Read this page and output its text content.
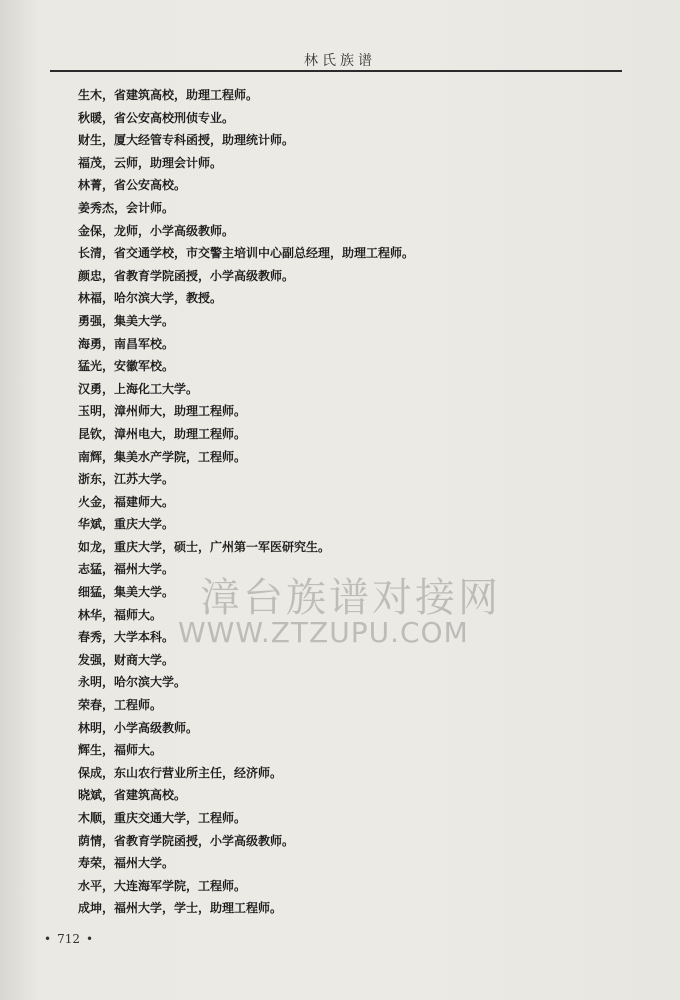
林氏族谱
生木，省建筑高校，助理工程师。
秋暖，省公安高校刑侦专业。
财生，厦大经管专科函授，助理统计师。
福茂，云师，助理会计师。
林菁，省公安高校。
姜秀杰，会计师。
金保，龙师，小学高级教师。
长清，省交通学校，市交警主培训中心副总经理，助理工程师。
颜忠，省教育学院函授，小学高级教师。
林福，哈尔滨大学，教授。
勇强，集美大学。
海勇，南昌军校。
猛光，安徽军校。
汉勇，上海化工大学。
玉明，漳州师大，助理工程师。
昆钦，漳州电大，助理工程师。
南辉，集美水产学院，工程师。
浙东，江苏大学。
火金，福建师大。
华斌，重庆大学。
如龙，重庆大学，硕士，广州第一军医研究生。
志猛，福州大学。
细猛，集美大学。
林华，福师大。
春秀，大学本科。
发强，财商大学。
永明，哈尔滨大学。
荣春，工程师。
林明，小学高级教师。
辉生，福师大。
保成，东山农行营业所主任，经济师。
晓斌，省建筑高校。
木顺，重庆交通大学，工程师。
荫情，省教育学院函授，小学高级教师。
寿荣，福州大学。
水平，大连海军学院，工程师。
成坤，福州大学，学士，助理工程师。
漳台族谱对接网
WWW.ZTZUPU.COM
• 712 •
